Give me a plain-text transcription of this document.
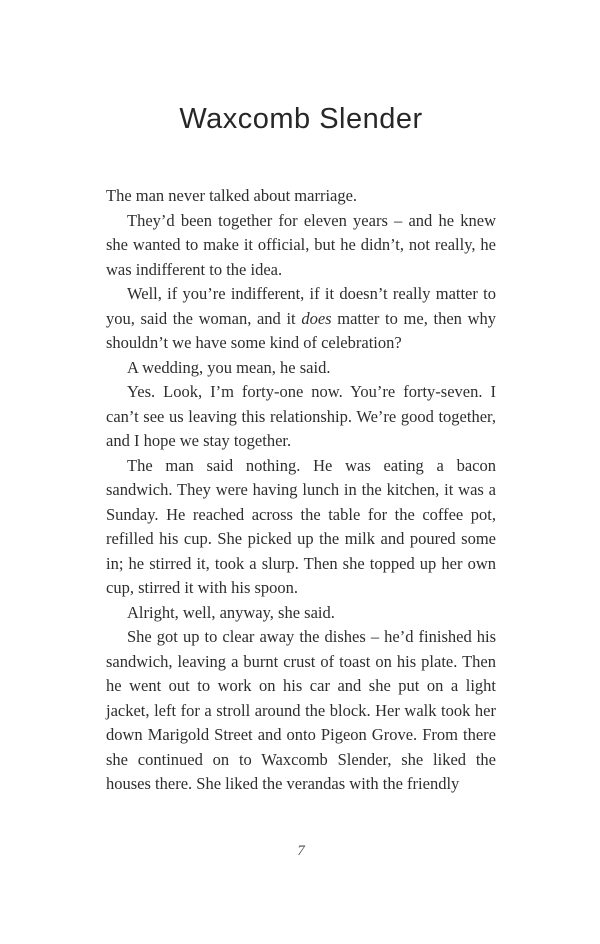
Waxcomb Slender

The man never talked about marriage.

They’d been together for eleven years – and he knew she wanted to make it official, but he didn’t, not really, he was indifferent to the idea.

Well, if you’re indifferent, if it doesn’t really matter to you, said the woman, and it does matter to me, then why shouldn’t we have some kind of celebration?

A wedding, you mean, he said.

Yes. Look, I’m forty-one now. You’re forty-seven. I can’t see us leaving this relationship. We’re good together, and I hope we stay together.

The man said nothing. He was eating a bacon sandwich. They were having lunch in the kitchen, it was a Sunday. He reached across the table for the coffee pot, refilled his cup. She picked up the milk and poured some in; he stirred it, took a slurp. Then she topped up her own cup, stirred it with his spoon.

Alright, well, anyway, she said.

She got up to clear away the dishes – he’d finished his sandwich, leaving a burnt crust of toast on his plate. Then he went out to work on his car and she put on a light jacket, left for a stroll around the block. Her walk took her down Marigold Street and onto Pigeon Grove. From there she continued on to Waxcomb Slender, she liked the houses there. She liked the verandas with the friendly

7
